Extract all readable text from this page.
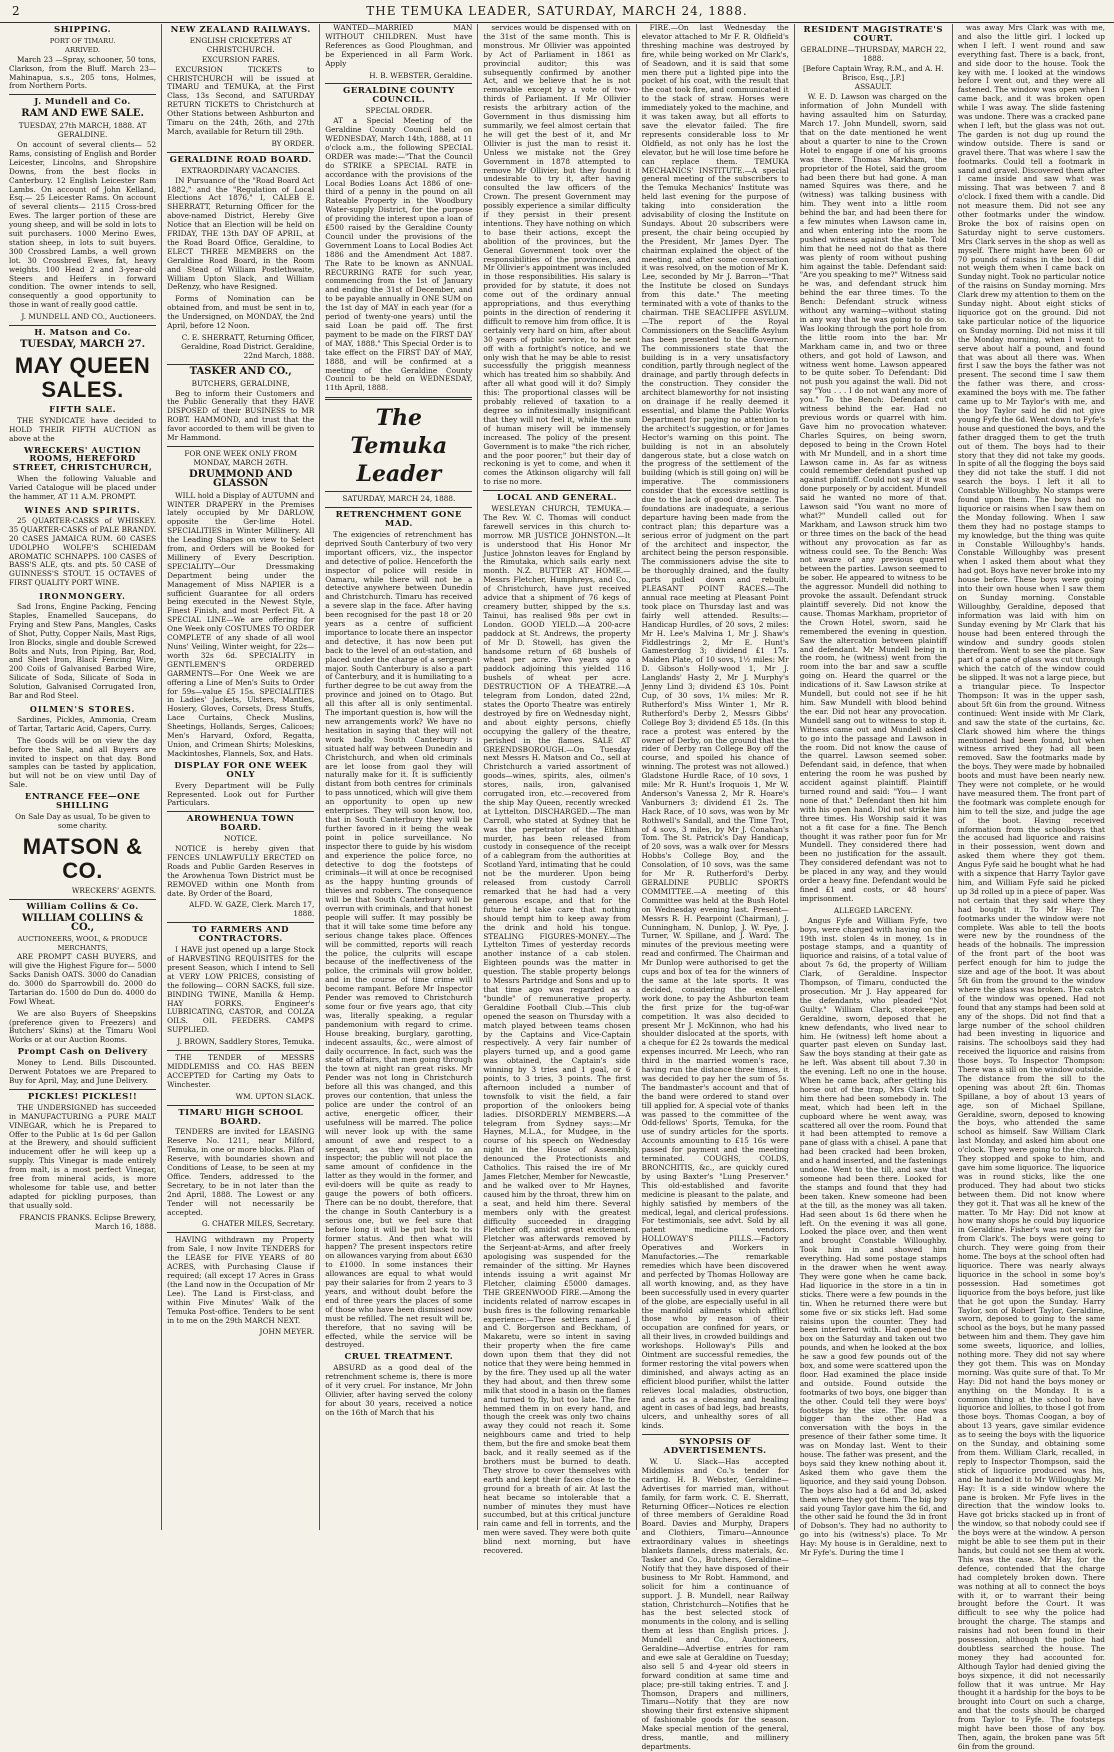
2	THE TEMUKA LEADER, SATURDAY, MARCH 24, 1888.
SHIPPING.
PORT OF TIMARU.
ARRIVED.

March 23 —Spray, schooner, 50 tons, Clarkson, from the Bluff. March 23—Mahinapua, s.s., 205 tons, Holmes, from Northern Ports.

J. Mundell and Co.
RAM AND EWE SALE.
TUESDAY, 27th MARCH, 1888. AT GERALDINE.

On account of several clients— 52 Rams, consisting of English and Border Leicester, Lincolns, and Shropshire Downs, from the best flocks in Canterbury. 12 English Leicester Ram Lambs. On account of John Kelland, Esq.— 25 Leicester Rams. On account of several clients— 2115 Cross-bred Ewes. The larger portion of these are young sheep, and will be sold in lots to suit purchasers. 1000 Merino Ewes, station sheep, in lots to suit buyers. 300 Crossbred Lambs, a well grown lot. 30 Crossbred Ewes, fat, heavy weights. 100 Head 2 and 3-year-old Steers and Heifers in forward condition. The owner intends to sell, consequently a good opportunity to those in want of really good cattle.

J. MUNDELL AND CO., Auctioneers.

H. Matson and Co.
TUESDAY, MARCH 27.
MAY QUEEN SALES.
FIFTH SALE.

THE SYNDICATE have decided to HOLD THEIR FIFTH AUCTION as above at the

WRECKERS' AUCTION ROOMS, HEREFORD STREET, CHRISTCHURCH,

When the following Valuable and Varied Catalogue will be placed under the hammer, AT 11 A.M. PROMPT.

WINES AND SPIRITS.

25 QUARTER-CASKS of WHISKEY. 35 QUARTER-CASKS of PALE BRANDY. 20 CASES JAMAICA RUM. 60 CASES UDOLPHO WOLFE'S SCHIEDAM AROMATIC SCHNAPPS. 100 CASES of BASS'S ALE, qts. and pts. 50 CASE of GUINNESS'S STOUT. 15 OCTAVES of FIRST QUALITY PORT WINE.

IRONMONGERY.

Sad Irons, Engine Packing, Fencing Staples, Enamelled Saucepans, do Frying and Stew Pans, Mangles, Casks of Shot, Putty, Copper Nails, Mast Rigs, Iron Blocks, single and double Screwed Bolts and Nuts, Iron Piping, Bar, Rod, and Sheet Iron, Black Fencing Wire, 200 Coils of Galvanised Barbed Wire, Silicate of Soda, Silicate of Soda in Solution, Galvanised Corrugated Iron, Bar and Rod Steel.

OILMEN'S STORES.

Sardines, Pickles, Ammonia, Cream of Tartar, Tartaric Acid, Capers, Curry.

The Goods will be on view the day before the Sale, and all Buyers are invited to inspect on that day. Bond samples can be tasted by application, but will not be on view until Day of Sale.

ENTRANCE FEE—ONE SHILLING
On Sale Day as usual, To be given to some charity.
MATSON & CO.

WRECKERS' AGENTS.

William Collins & Co.
WILLIAM COLLINS & CO.,
AUCTIONEERS, WOOL, & PRODUCE MERCHANTS,

ARE PROMPT CASH BUYERS, and will give the Highest Figure for— 5000 Sacks Danish OATS. 3000 do Canadian do. 3000 do Sparrowbill do. 2000 do Tartarian do. 1500 do Dun do. 4000 do Fowl Wheat.

We are also Buyers of Sheepskins (preference given to Freezers) and Butchers' Skins) at the Timaru Wool Works or at our Auction Rooms.

Prompt Cash on Delivery

Money to Lend. Bills Discounted. Derwent Potatoes we are Prepared to Buy for April, May, and June Delivery.

PICKLES! PICKLES!!

THE UNDERSIGNED has succeeded in MANUFACTURING a PURE MALT VINEGAR, which he is Prepared to Offer to the Public at 1s 6d per Gallon at the Brewery, and should sufficient inducement offer he will keep up a supply. This Vinegar is made entirely from malt, is a most perfect Vinegar, free from mineral acids, is more wholesome for table use, and better adapted for pickling purposes, than that usually sold.

FRANCIS FRANKS. Eclipse Brewery, March 16, 1888.

NEW ZEALAND RAILWAYS.
ENGLISH CRICKETERS AT CHRISTCHURCH.
EXCURSION FARES.

EXCURSION TICKETS to CHRISTCHURCH will be issued at TIMARU and TEMUKA, at the First Class, 13s Second, and SATURDAY RETURN TICKETS to Christchurch at Other Stations between Ashburton and Timaru on the 24th, 26th, and 27th March, available for Return till 29th.

BY ORDER.

GERALDINE ROAD BOARD.
EXTRAORDINARY VACANCIES.

IN Pursuance of the "Road Board Act 1882," and the "Regulation of Local Elections Act 1876," I, CALEB E. SHERRATT, Returning Officer for the above-named District, Hereby Give Notice that an Election will be held on FRIDAY, THE 13th DAY OF APRIL, at the Road Board Office, Geraldine, to ELECT THREE MEMBERS on the Geraldine Road Board, in the Room and Stead of William Postlethwaite, William Upton Slack, and William DeRenzy, who have Resigned.

Forms of Nomination can be obtained from, and must be sent in to, the Undersigned, on MONDAY, the 2nd April, before 12 Noon.

C. E. SHERRATT, Returning Officer, Geraldine, Road District. Geraldine, 22nd March, 1888.

TASKER AND CO.,
BUTCHERS, GERALDINE,

Beg to inform their Customers and the Public Generally that they HAVE DISPOSED of their BUSINESS to MR ROBT. HAMMOND, and trust that the favor accorded to them will be given to Mr Hammond.

FOR ONE WEEK ONLY FROM MONDAY, MARCH 26TH.
DRUMMOND AND GLASSON

WILL hold a Display of AUTUMN and WINTER DRAPERY in the Premises lately occupied by Mr DARLOW, opposite the Ger-lime Hotel. SPECIALITIES in Winter Millinery. All the Leading Shapes on view to Select from, and Orders will be Booked for Millinery of Every Description. SPECIALITY—Our Dressmaking Department being under the Management of Miss NAPIER is a sufficient Guarantee for all orders being executed in the Newest Style, Finest Finish, and most Perfect Fit. A SPECIAL LINE—We are offering for One Week only COSTUMES TO ORDER COMPLETE of any shade of all wool Nuns' Veiling, Winter weight, for 22s—worth 32s 6d. SPECIALITY in GENTLEMEN'S ORDERED GARMENTS—For One Week we are offering a Line of Men's Suits to Order for 59s—value £5 15s. SPECIALITIES in Ladies' Jackets, Ulsters, Mantles, Hosiery, Gloves, Corsets, Dress Stuffs, Lace Curtains, Check Muslins, Sheetings, Hollands, Serges, Calicoes; Men's Harvard, Oxford, Regatta, Union, and Crimean Shirts; Moleskins, Mackintoshes, Flannels, Sox, and Hats.

DISPLAY FOR ONE WEEK ONLY

Every Department will be Fully Represented. Look out for Further Particulars.

AROWHENUA TOWN BOARD.
NOTICE.

NOTICE is hereby given that FENCES UNLAWFULLY ERECTED on Roads and Public Garden Reserves in the Arowhenua Town District must be REMOVED within one Month from date. By Order of the Board,

ALFD. W. GAZE, Clerk. March 17, 1888.

TO FARMERS AND CONTRACTORS.

I HAVE just opened up a large Stock of HARVESTING REQUISITES for the present Season, which I intend to Sell at VERY LOW PRICES, consisting of the following— CORN SACKS, full size. BINDING TWINE, Manilla & Hemp. HAY FORKS. Engineer's LUBRICATING, CASTOR, and COLZA OILS. OIL FEEDERS. CAMPS SUPPLIED.

J. BROWN, Saddlery Stores, Temuka.

THE TENDER of MESSRS MIDDLEMISS and CO. HAS BEEN ACCEPTED for Carting my Oats to Winchester.

WM. UPTON SLACK.

TIMARU HIGH SCHOOL BOARD.

TENDERS are invited for LEASING Reserve No. 1211, near Milford, Temuka, in one or more blocks. Plan of Reserve, with boundaries shown and Conditions of Lease, to be seen at my Office. Tenders, addressed to the Secretary, to be in not later than the 2nd April, 1888. The Lowest or any Tender will not necessarily be accepted.

G. CHATER MILES, Secretary.

HAVING withdrawn my Property from Sale, I now Invite TENDERS for the LEASE for FIVE YEARS of 80 ACRES, with Purchasing Clause if required; (all except 17 Acres in Grass (the Land now in the Occupation of Mr Lee). The Land is First-class, and within Five Minutes' Walk of the Temuka Post-office. Tenders to be sent in to me on the 29th MARCH NEXT.

JOHN MEYER.

WANTED—MARRIED MAN WITHOUT CHILDREN. Must have References as Good Ploughman, and be Experienced in all Farm Work. Apply

H. B. WEBSTER, Geraldine.

GERALDINE COUNTY COUNCIL.
SPECIAL ORDER.

AT a Special Meeting of the Geraldine County Council held on WEDNESDAY, March 14th, 1888, at 11 o'clock a.m., the following SPECIAL ORDER was made:—"That the Council do STRIKE a SPECIAL RATE in accordance with the provisions of the Local Bodies Loans Act 1886 of one-third of a penny in the pound on all Rateable Property in the Woodbury Water-supply District, for the purpose of providing the interest upon a loan of £500 raised by the Geraldine County Council under the provisions of the Government Loans to Local Bodies Act 1886 and the Amendment Act 1887. The Rate to be known as ANNUAL RECURRING RATE for such year, commencing from the 1st of January and ending the 31st of December, and to be payable annually in ONE SUM on the 1st day of MAY in each year (for a period of twenty-one years) until the said Loan be paid off. The first payment to be made on the FIRST DAY of MAY, 1888." This Special Order is to take effect on the FIRST DAY of MAY, 1888, and will be confirmed at a meeting of the Geraldine County Council to be held on WEDNESDAY, 11th April, 1888.

The Temuka Leader
SATURDAY, MARCH 24, 1888.
RETRENCHMENT GONE MAD.

The exigencies of retrenchment has deprived South Canterbury of two very important officers, viz., the inspector and detective of police. Henceforth the inspector of police will reside in Oamaru, while there will not be a detective anywhere between Dunedin and Christchurch. Timaru has received a severe slap in the face. After having been recognised for the past 18 or 20 years as a centre of sufficient importance to locate there an inspector and detective, it has now been put back to the level of an out-station, and placed under the charge of a sergeant-major. South Canterbury is also a part of Canterbury, and it is humiliating to a further degree to be cut away from the province and joined on to Otago. But all this after all is only sentimental. The important question is, how will the new arrangements work? We have no hesitation in saying that they will not work badly. South Canterbury is situated half way between Dunedin and Christchurch, and when old criminals are let loose from gaol they will naturally make for it. It is sufficiently distant from both centres for criminals to pass unnoticed, which will give them an opportunity to open up new enterprises. They will soon know, too, that in South Canterbury they will be further favored in it being the weak point in police surveillance. No inspector there to guide by his wisdom and experience the police force, no detective to dog the footsteps of criminals—it will at once be recognised as the happy hunting grounds of thieves and robbers. The consequence will be that South Canterbury will be overrun with criminals, and that honest people will suffer. It may possibly be that it will take some time before any serious change takes place. Offences will be committed, reports will reach the police, the culprits will escape because of the ineffectiveness of the police, the criminals will grow bolder, and in the course of time crime will become rampant. Before Mr Inspector Pender was removed to Christchurch some four or five years ago, that city was, literally speaking, a regular pandemonium with regard to crime. House breaking, burglary, garotting, indecent assaults, &c., were almost of daily occurrence. In fact, such was the state of affairs, that men going through the town at night ran great risks. Mr Pender was not long in Christchurch before all this was changed, and this proves our contention, that unless the police are under the control of an active, energetic officer, their usefulness will be marred. The police will never look up with the same amount of awe and respect to a sergeant, as they would to an inspector; the public will not place the same amount of confidence in the latter as they would in the former, and evil-doers will be quite as ready to gauge the powers of both officers. There can be no doubt, therefore, that the change in South Canterbury is a serious one, but we feel sure that before long it will be put back to its former status. And then what will happen? The present inspectors retire on allowances varying from about £630 to £1000. In some instances their allowances are equal to what would pay their salaries for from 2 years to 3 years, and without doubt before the end of three years the places of some of those who have been dismissed now must be refilled. The net result will be, therefore, that no saving will be effected, while the service will be destroyed.

CRUEL TREATMENT.

ABSURD as a good deal of the retrenchment scheme is, there is more of it very cruel. For instance, Mr John Ollivier, after having served the colony for about 30 years, received a notice on the 16th of March that his

services would be dispensed with on the 31st of the same month. This is monstrous. Mr Ollivier was appointed by Act of Parliament in 1861 as provincial auditor; this was subsequently confirmed by another Act, and we believe that he is not removable except by a vote of two-thirds of Parliament. If Mr Ollivier resists the arbitrary action of the Government in thus dismissing him summarily, we feel almost certain that he will get the best of it, and Mr Ollivier is just the man to resist it. Unless we mistake not the Grey Government in 1878 attempted to remove Mr Ollivier, but they found it undesirable to try it, after having consulted the law officers of the Crown. The present Government may possibly experience a similar difficulty if they persist in their present intentions. They have nothing on which to base their actions, except the abolition of the provinces, but the General Government took over the responsibilities of the provinces, and Mr Ollivier's appointment was included in those responsibilities. His salary is provided for by statute, it does not come out of the ordinary annual appropriations, and thus everything points in the direction of rendering it difficult to remove him from office. It is certainly very hard on him, after about 30 years of public service, to be sent off with a fortnight's notice, and we only wish that he may be able to resist successfully the priggish meanness which has treated him so shabbily. And after all what good will it do? Simply this: The proportional classes will be probably relieved of taxation to a degree so infinitesimally insignificant that they will not feel it, while the sum of human misery will be immensely increased. The policy of the present Government is to make "the rich richer, and the poor poorer," but their day of reckoning is yet to come, and when it comes the Atkinson oligarchy will fall to rise no more.

LOCAL AND GENERAL.

WESLEYAN CHURCH, TEMUKA.—The Rev. W. C. Thomas will conduct farewell services in this church to-morrow. MR JUSTICE JOHNSTON.—It is understood that His Honor Mr Justice Johnston leaves for England by the Rimutaka, which sails early next month. N.Z. BUTTER AT HOME.—Messrs Fletcher, Humphreys, and Co., of Christchurch, have just received advice that a shipment of 76 kegs of creamery butter, shipped by the s.s. Tainui, has realised 98s per cwt in London. GOOD YIELD.—A 200-acre paddock at St. Andrews, the property of Mr D. Stowell, has given the handsome return of 68 bushels of wheat per acre. Two years ago a paddock adjoining this yielded 116 bushels of wheat per acre. DESTRUCTION OF A THEATRE.—A telegram from London, dated 22nd, states the Oporto Theatre was entirely destroyed by fire on Wednesday night, and about eighty persons, chiefly occupying the gallery of the theatre, perished in the flames. SALE AT GREENDSBOROUGH.—On Tuesday next Messrs H. Matson and Co., sell at Christchurch a varied assortment of goods—wines, spirits, ales, oilmen's stores, nails, iron, galvanised corrugated iron, etc.—recovered from the ship May Queen, recently wrecked at Lyttelton. DISCHARGED.—The man Carroll, who stated at Sydney that he was the perpetrator of the Eltham murder, has been released from custody in consequence of the receipt of a cablegram from the authorities at Scotland Yard, intimating that he could not be the murderer. Upon being released from custody Carroll remarked that he had had a very generous escape, and that for the future he'd take care that nothing should tempt him to keep away from the drink and hold his tongue. STEALING FIGURES-MONEY.—The Lyttelton Times of yesterday records another instance of a cab stolen. Eighteen pounds was the matter in question. The stable property belongs to Messrs Partridge and Sons and up to that time ago was regarded as a "bundle" of remunerative property. Geraldine Football Club.—This club opened the season on Thursday with a match played between teams chosen by the Captains and Vice-Captain respectively. A very fair number of players turned up, and a good game was obtained, the Captain's side winning by 3 tries and 1 goal, or 6 points, to 3 tries, 3 points. The first afternoon included a number of townsfolk to visit the field, a fair proportion of the onlookers being ladies. DISORDERLY MEMBERS.—A telegram from Sydney says:—Mr Haynes, M.L.A., for Mudgee, in the course of his speech on Wednesday night in the House of Assembly, denounced the Protectionists and Catholics. This raised the ire of Mr James Fletcher, Member for Newcastle, and he walked over to Mr Haynes, caused him by the throat, threw him on a seat, and held him there. Several members only with the greatest difficulty succeeded in dragging Fletcher off, amidst great excitement. Fletcher was afterwards removed by the Serjeant-at-Arms, and after freely apologising was suspended for the remainder of the sitting. Mr Haynes intends issuing a writ against Mr Fletcher, claiming £5000 damages. THE GREENWOOD FIRE.—Among the incidents related of narrow escapes in bush fires is the following remarkable experience:—Three settlers named J. and C. Borgerson and Beckham, of Makaretu, were so intent in saving their property when the fire came down upon them that they did not notice that they were being hemmed in by the fire. They used up all the water they had about, and then threw some milk that stood in a basin on the flames and turned to fly, but too late. The fire hemmed them in on every hand, and though the creek was only two chains away they could not reach it. Some neighbours came and tried to help them, but the fire and smoke beat them back, and it really seemed as if the brothers must be burned to death. They strove to cover themselves with earth and kept their faces close to the ground for a breath of air. At last the heat became so intolerable that a number of minutes they must have succumbed, but at this critical juncture rain came and fell in torrents, and the men were saved. They were both quite blind next morning, but have recovered.

FIRE.—On last Wednesday the elevator attached to Mr F. R. Oldfield's threshing machine was destroyed by fire, while being worked on Mr Clark's, of Seadown, and it is said that some men there put a lighted pipe into the pocket of his coat, with the result that the coat took fire, and communicated it to the stack of straw. Horses were immediately yoked to the machine, and it was taken away, but all efforts to save the elevator failed. The fire represents considerable loss to Mr Oldfield, as not only has he lost the elevator, but he will lose time before he can replace them. TEMUKA MECHANICS' INSTITUTE.—A special general meeting of the subscribers to the Temuka Mechanics' Institute was held last evening for the purpose of taking into consideration the advisability of closing the Institute on Sundays. About 20 subscribers were present, the chair being occupied by the President, Mr James Dyer. The chairman explained the object of the meeting, and after some conversation it was resolved, on the motion of Mr K. Lee, seconded by Mr J. Barron—"That the Institute be closed on Sundays from this date." The meeting terminated with a vote of thanks to the chairman. THE SEACLIFFE ASYLUM.—The report of the Royal Commissioners on the Seacliffe Asylum has been presented to the Governor. The commissioners state that the building is in a very unsatisfactory condition, partly through neglect of the drainage, and partly through defects in the construction. They consider the architect blameworthy for not insisting on drainage if he really deemed it essential, and blame the Public Works Department for paying no attention to the architect's suggestion, or for James Hector's warning on this point. The building is not in an absolutely dangerous state, but a close watch on the progress of the settlement of the building (which is still going on) will be imperative. The commissioners consider that the excessive settling is due to the lack of good drainage. The foundations are inadequate, a serious departure having been made from the contract plan; this departure was a serious error of judgment on the part of the architect and inspector, the architect being the person responsible. The commissioners advise the site to be thoroughly drained, and the faulty parts pulled down and rebuilt. PLEASANT POINT RACES.—The annual race meeting at Pleasant Point took place on Thursday last and was fairly well attended. Results:—Handicap Hurdles, of 20 sovs, 2 miles: Mr H. Lee's Malvina 1, Mr J. Shaw's Fiddlestrings 2, Mr E. Hunt's Gamesterdog 3; dividend £1 17s. Maiden Plate, of 10 sovs, 1½ miles: Mr D. Gibson's Holly-wood 1, Mr J. Langlands' Hasty 2, Mr J. Murphy's Jenny Lind 3; dividend £3 10s. Point Cup, of 30 sovs, 1¼ miles: Mr R. Rutherford's Miss Winter 1, Mr R. Rutherford's Derby 2, Messrs Gibbs' College Boy 3; dividend £5 18s. (In this race a protest was entered by the owner of Derby, on the ground that the rider of Derby ran College Boy off the course, and spoiled his chance of winning. The protest was not allowed.) Gladstone Hurdle Race, of 10 sovs, 1 mile: Mr R. Hunt's Iroquois 1, Mr W. Anderson's Vanessa 2, Mr R. Hoare's Vanburners 3; dividend £1 2s. The Hack Race, of 10 sovs, was won by Mr Rothwell's Sandall, and the Time Trot, of 4 sovs, 3 miles, by Mr J. Conahan's Tom. The St. Patrick's Day Handicap, of 20 sovs, was a walk over for Messrs Hobbs's College Boy, and the Consolation, of 10 sovs, was the same for Mr R. Rutherford's Derby. GERALDINE PUBLIC SPORTS COMMITTEE.—A meeting of this Committee was held at the Bush Hotel on Wednesday evening last. Present—Messrs R. H. Pearpoint (Chairman), J. Cunningham, N. Dunlop, J. W. Pye, J. Turner, W. Spillane, and J. Ward. The minutes of the previous meeting were read and confirmed. The Chairman and Mr Dunlop were authorised to get the cups and box of tea for the winners of the same at the late sports. It was decided, considering the excellent work done, to pay the Ashburton team the first prize for the tug-of-war competition. It was also decided to present Mr J. McKinnon, who had his shoulder dislocated at the sports, with a cheque for £2 2s towards the medical expenses incurred. Mr Leech, who ran third in the married women's race, having run the distance three times, it was decided to pay her the sum of 5s. The bandmaster's account and that of the band were ordered to stand over till applied for. A special vote of thanks was passed to the committee of the Odd-fellows' Sports, Temuka, for the use of sundry articles for the sports. Accounts amounting to £15 16s were passed for payment and the meeting terminated. COUGHS, COLDS, BRONCHITIS, &c., are quickly cured by using Baxter's "Lung Preserver." This old-established and favorite medicine is pleasant to the palate, and highly satisfied by members of the medical, legal, and clerical professions. For testimonials, see advt. Sold by all patent medicine vendors. HOLLOWAY'S PILLS.—Factory Operatives and Workers in Manufactories.—The remarkable remedies which have been discovered and perfected by Thomas Holloway are all worth knowing, and, as they have been successfully used in every quarter of the globe, are especially useful in all the manifold ailments which afflict those who by reason of their occupation are confined for years, or all their lives, in crowded buildings and workshops. Holloway's Pills and Ointment are successful remedies, the former restoring the vital powers when diminished, and always acting as an efficient blood purifier, whilst the latter relieves local maladies, obstruction, and acts as a cleansing and healing agent in cases of bad legs, bad breasts, ulcers, and unhealthy sores of all kinds.

SYNOPSIS OF ADVERTISEMENTS.

W. U. Slack—Has accepted Middlemiss and Co.'s tender for carting. H. B. Webster, Geraldine—Advertises for married man, without family, for farm work. C. E. Sherratt, Returning Officer—Notices re election of three members of Geraldine Road Board. Davies and Murphy, Drapers and Clothiers, Timaru—Announce extraordinary values in sheetings blankets flannels, dress materials, &c. Tasker and Co., Butchers, Geraldine—Notify that they have disposed of their business to Mr Robt. Hammond, and solicit for him a continuance of support. J. B. Mundell, near Railway station, Christchurch—Notifies that he has the best selected stock of monuments in the colony, and is selling them at less than English prices. J. Mundell and Co., Auctioneers, Geraldine—Advertise entries for ram and ewe sale at Geraldine on Tuesday; also sell 5 and 4-year old steers in forward condition at same time and place; pre-still taking entries. T. and J. Thomson, Drapers and milliners, Timaru—Notify that they are now showing their first extensive shipment of fashionable goods for the season. Make special mention of the general, dress, mantle, and millinery departments.

RESIDENT MAGISTRATE'S COURT.
GERALDINE—THURSDAY, MARCH 22, 1888.
[Before Captain Wray, R.M., and A. H. Brisco, Esq., J.P.]
ASSAULT.

W. E. D. Lawson was charged on the information of John Mundell with having assaulted him on Saturday, March 17. John Mundell, sworn, said that on the date mentioned he went about a quarter to nine to the Crown Hotel to engage if one of his grooms was there. Thomas Markham, the proprietor of the Hotel, said the groom had been there but had gone. A man named Squires was there, and he (witness) was talking business with him. They went into a little room behind the bar, and had been there for a few minutes when Lawson came in, and when entering into the room he pushed witness against the table. Told him that he need not do that as there was plenty of room without pushing him against the table. Defendant said: "Are you speaking to me?" Witness said he was, and defendant struck him behind the ear three times. To the Bench: Defendant struck witness without any warning—without stating in any way that he was going to do so. Was looking through the port hole from the little room into the bar. Mr Markham came in, and two or three others, and got hold of Lawson, and witness went home. Lawson appeared to be quite sober. To Defendant: Did not push you against the wall. Did not say "You . . . I do not want any more of you." To the Bench: Defendant cut witness behind the ear. Had no previous words or quarrel with him. Gave him no provocation whatever. Charles Squires, on being sworn, deposed to being in the Crown Hotel with Mr Mundell, and in a short time Lawson came in. As far as witness could remember defendant pushed up against plaintiff. Could not say if it was done purposely or by accident. Mundell said he wanted no more of that. Lawson said "You want no more of what?" Mundell called out for Markham, and Lawson struck him two or three times on the back of the head without any provocation as far as witness could see. To the Bench: Was not aware of any previous quarrel between the parties. Lawson seemed to be sober. He appeared to witness to be the aggressor. Mundell did nothing to provoke the assault. Defendant struck plaintiff severely. Did not know the cause. Thomas Markham, proprietor of the Crown Hotel, sworn, said he remembered the evening in question. Saw the altercation between plaintiff and defendant. Mr Mundell being in the room, he (witness) went from the room into the bar and saw a scuffle going on. Heard the quarrel or the indications of it. Saw Lawson strike at Mundell, but could not see if he hit him. Saw Mundell with blood behind the ear. Did not hear any provocation. Mundell sang out to witness to stop it. Witness came out and Mundell asked to go into the passage and Lawson in the room. Did not know the cause of the quarrel. Lawson seemed sober. Defendant said, in defence, that when entering the room he was pushed by accident against plaintiff. Plaintiff turned round and said: "You— I want none of that." Defendant then hit him with his open hand. Did not strike him three times. His Worship said it was not a fit case for a fine. The Bench thought it was rather poor fun for Mr Mundell. They considered there had been no justification for the assault. They considered defendant was not to be placed in any way, and they would order a heavy fine. Defendant would be fined £1 and costs, or 48 hours' imprisonment.

ALLEGED LARCENY.

Angus Fyfe and William Fyfe, two boys, were charged with having on the 19th inst. stolen 4s in money, 1s in postage stamps, and a quantity of liquorice and raisins, of a total value of about 7s 6d, the property of William Clark, of Geraldine. Inspector Thompson, of Timaru, conducted the prosecution. Mr J. Hay appeared for the defendants, who pleaded "Not Guilty." William Clark, storekeeper, Geraldine, sworn, deposed that he knew defendants, who lived near to him. He (witness) left home about a quarter past eleven on Sunday last. Saw the boys standing at their gate as he left. Was absent till about 7.30 in the evening. Left no one in the house. When he came back, after getting his horse out of the trap, Mrs Clark told him there had been somebody in. The meat, which had been left in the cupboard where he went away, was scattered all over the room. Found that it had been attempted to remove a pane of glass with a chisel. A pane that had been cracked had been broken, and a hand inserted, and the fastenings undone. Went to the till, and saw that someone had been there. Looked for the stamps and found that they had been taken. Knew someone had been at the till, as the money was all taken. Had seen about 1s 6d there when he left. On the evening it was all gone. Looked the place over, and then went and brought Constable Willoughby. Took him in and showed him everything. Had some postage stamps in the drawer when he went away. They were gone when he came back. Had liquorice in the store in a tin in sticks. There were a few pounds in the tin. When he returned there were but some five or six sticks left. Had some raisins upon the counter. They had been interfered with. Had opened the box on the Saturday and taken out two pounds, and when he looked at the box he saw a good few pounds out of the box, and some were scattered upon the floor. Had examined the place inside and outside. Found outside the footmarks of two boys, one bigger than the other. Could tell they were boys' footsteps by the size. The one was bigger than the other. Had a conversation with the boys in the presence of their father some time. It was on Monday last. Went to their house. The father was present, and the boys said they knew nothing about it. Asked them who gave them the liquorice, and they said young Dobson. The boys also had a 6d and 3d, asked them where they got them. The big boy said young Taylor gave him the 6d, and the other said he found the 3d in front of Dobson's. They had no authority to go into his (witness's) place. To Mr Hay: My house is in Geraldine, next to Mr Fyfe's. During the time I

was away Mrs Clark was with me, and also the little girl. I locked up when I left. I went round and saw everything fast. There is a back, front, and side door to the house. Took the key with me. I looked at the windows before I went out, and they were all fastened. The window was open when I came back, and it was broken open while I was away. The slide fastening was undone. There was a cracked pane when I left, but the glass was not out. The garden is not dug up round the window outside. There is sand or gravel there. That was where I saw the footmarks. Could tell a footmark in sand and gravel. Discovered them after I came inside and saw what was missing. That was between 7 and 8 o'clock. I fixed them with a candle. Did not measure them. Did not see any other footmarks under the window. Broke the box of raisins open on Saturday night to serve customers. Mrs Clark serves in the shop as well as myself. There might have been 60 or 70 pounds of raisins in the box. I did not weigh them when I came back on Sunday night. Took no particular notice of the raisins on Sunday morning. Mrs Clark drew my attention to them on the Sunday night. About eight sticks of liquorice got on the ground. Did not take particular notice of the liquorice on Sunday morning. Did not miss it till the Monday morning, when I went to serve about half a pound, and found that was about all there was. When first I saw the boys the father was not present. The second time I saw them the father was there, and cross-examined the boys with me. The father came up to Mr Taylor's with me, and the boy Taylor said he did not give young Fyfe the 6d. Went down to Fyfe's house and questioned the boys, and the father dragged them to get the truth out of them. The boys had to their story that they did not take my goods. In spite of all the flogging the boys said they did not take the stuff. I did not search the boys. I left it all to Constable Willoughby. No stamps were found upon them. The boys had no liquorice or raisins when I saw them on the Monday following. When I saw them they had no postage stamps to my knowledge, but the thing was quite in Constable Willoughby's hands. Constable Willoughby was present when I asked them about what they had got. Boys have never broke into my house before. These boys were going into their own house when I saw them on Sunday morning. Constable Willoughby, Geraldine, deposed that information was laid with him on Sunday evening by Mr Clark that his house had been entered through the window and sundry goods stolen therefrom. Went to see the place. Saw part of a pane of glass was cut through which the catch of the window could be slipped. It was not a large piece, but a triangular piece. To Inspector Thompson: It was in the upper sash, about 5ft 6in from the ground. Witness continued: Went inside with Mr Clark, and saw the state of the curtains, &c. Clark showed him where the things mentioned had been found, but when witness arrived they had all been removed. Saw the footmarks made by the boys. They were made by hobnailed boots and must have been nearly new. They were not complete, or he would have measured them. The front part of the footmark was complete enough for him to tell the size, and judge the age of the boot. Having received information from the schoolboys that the accused had liquorice and raisins in their possession, went down and asked them where they got them. Angus Fyfe said he bought what he had with a sixpence that Harry Taylor gave him, and William Fyfe said he picked up 3d rolled up in a piece of paper. Was not certain that they said where they had bought it. To Mr Hay: The footmarks under the window were not complete. Was able to tell the boots were new by the roundness of the heads of the hobnails. The impression of the front part of the boot was perfect enough for him to judge the size and age of the boot. It was about 5ft 6in from the ground to the window where the glass was broken. The catch of the window was opened. Had not found that any stamps had been sold at any of the shops. Did not find that a large number of the school children had been investing in liquorice and raisins. The schoolboys said they had received the liquorice and raisins from those boys. To Inspector Thompson: There was a sill on the window outside. The distance from the sill to the opening was about 2ft 6in. Thomas Spillane, a boy of about 13 years of age, son of Michael Spillane, Geraldine, sworn, deposed to knowing the boys, who attended the same school as himself. Saw William Clark last Monday, and asked him about one o'clock. They were going to the church. They stopped and spoke to him, and gave him some liquorice. The liquorice was in round sticks, like the one produced. They had about two sticks between them. Did not know where they got it. That was all he knew of the matter. To Mr Hay: Did not know at how many shops he could buy liquorice in Geraldine. Fisher's was not very far from Clark's. The boys were going to church. They were going from their home. The boys at the school often had liquorice. There was nearly always liquorice in the school in some boy's possession. Had sometimes got liquorice from the boys before, just like that he got upon the Sunday. Harry Taylor, son of Robert Taylor, Geraldine, sworn, deposed to going to the same school as the boys, but he many passed between him and them. They gave him some sweets, liquorice, and lollies, nothing more. They did not say where they got them. This was on Monday morning. Was quite sure of that. To Mr Hay: Did not hand the boys money or anything on the Monday. It is a common thing at the school to have liquorice and lollies, to those I got from those boys. Thomas Coogan, a boy of about 13 years, gave similar evidence as to seeing the boys with the liquorice on the Sunday, and obtaining some from them. William Clark, recalled, in reply to Inspector Thompson, said the stick of liquorice produced was his, and he handed it to Mr Willoughby. Mr Hay: It is a side window where the pane is broken. Mr Fyfe lives in the direction that the window looks to. Have got bricks stacked up in front of the window, so that nobody could see if the boys were at the window. A person might be able to see them put in their hands, but could not see them at work. This was the case. Mr Hay, for the defence, contended that the charge had completely broken down. There was nothing at all to connect the boys with it, or to warrant their being brought before the Court. It was difficult to see why the police had brought the charge. The stamps and raisins had not been found in their possession, although the police had doubtless searched the house. The money they had accounted for. Although Taylor had denied giving the boys sixpence, it did not necessarily follow that it was untrue. Mr Hay thought it a hardship for the boys to be brought into Court on such a charge, and that the costs should be charged from Taylor to Fyfe. The footsteps might have been those of any boy. Then, again, the broken pane was 5ft 6in from the ground.
